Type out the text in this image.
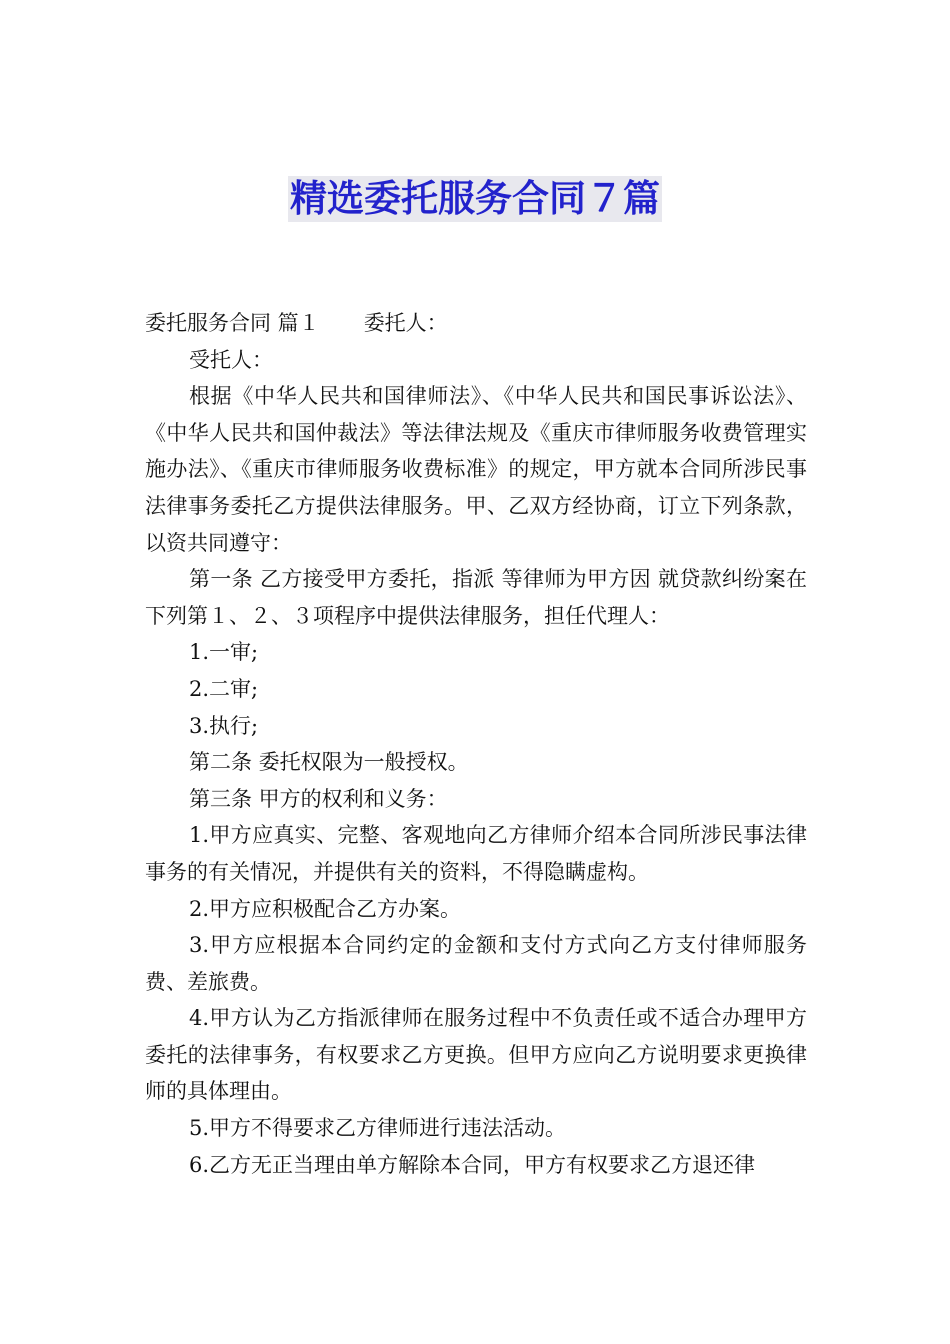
精选委托服务合同７篇

委托服务合同 篇１ 委托人：

受托人：

根据《中华人民共和国律师法》、《中华人民共和国民事诉讼法》、《中华人民共和国仲裁法》等法律法规及《重庆市律师服务收费管理实施办法》、《重庆市律师服务收费标准》的规定，甲方就本合同所涉民事法律事务委托乙方提供法律服务。甲、乙双方经协商，订立下列条款，以资共同遵守：

第一条 乙方接受甲方委托，指派 等律师为甲方因 就贷款纠纷案在下列第１、２、３项程序中提供法律服务，担任代理人：

1.一审;

2.二审;

3.执行;

第二条 委托权限为一般授权。

第三条 甲方的权利和义务：

1.甲方应真实、完整、客观地向乙方律师介绍本合同所涉民事法律事务的有关情况，并提供有关的资料，不得隐瞒虚构。

2.甲方应积极配合乙方办案。

3.甲方应根据本合同约定的金额和支付方式向乙方支付律师服务费、差旅费。

4.甲方认为乙方指派律师在服务过程中不负责任或不适合办理甲方委托的法律事务，有权要求乙方更换。但甲方应向乙方说明要求更换律师的具体理由。

5.甲方不得要求乙方律师进行违法活动。

6.乙方无正当理由单方解除本合同，甲方有权要求乙方退还律
